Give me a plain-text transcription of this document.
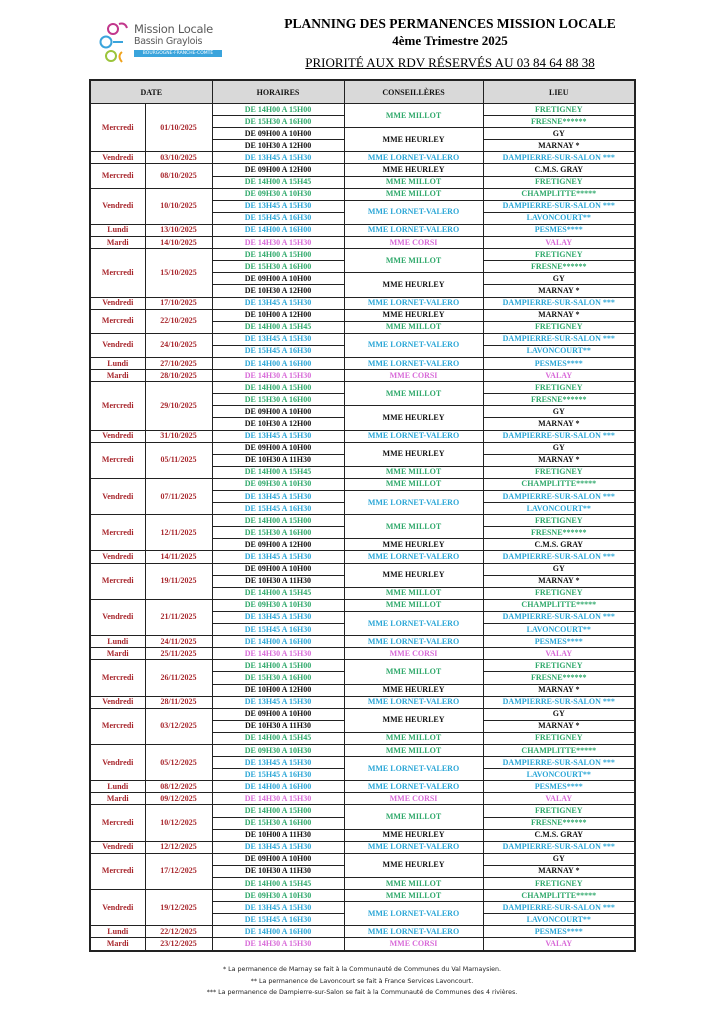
Mission Locale
Bassin Graylois
BOURGOGNE-FRANCHE-COMTÉ
PLANNING DES PERMANENCES MISSION LOCALE
4ème Trimestre 2025
PRIORITÉ AUX RDV RÉSERVÉS AU 03 84 64 88 38
DATE		HORAIRES	CONSEILLÈRES	LIEU
Mercredi	01/10/2025	DE 14H00 A 15H00	MME MILLOT	FRETIGNEY
		DE 15H30 A 16H00		FRESNE******
		DE 09H00 A 10H00	MME HEURLEY	GY
		DE 10H30 A 12H00		MARNAY *
Vendredi	03/10/2025	DE 13H45 A 15H30	MME LORNET-VALERO	DAMPIERRE-SUR-SALON ***
Mercredi	08/10/2025	DE 09H00 A 12H00	MME HEURLEY	C.M.S. GRAY
		DE 14H00 A 15H45	MME MILLOT	FRETIGNEY
Vendredi	10/10/2025	DE 09H30 A 10H30	MME MILLOT	CHAMPLITTE*****
		DE 13H45 A 15H30	MME LORNET-VALERO	DAMPIERRE-SUR-SALON ***
		DE 15H45 A 16H30		LAVONCOURT**
Lundi	13/10/2025	DE 14H00 A 16H00	MME LORNET-VALERO	PESMES****
Mardi	14/10/2025	DE 14H30 A 15H30	MME CORSI	VALAY
Mercredi	15/10/2025	DE 14H00 A 15H00	MME MILLOT	FRETIGNEY
		DE 15H30 A 16H00		FRESNE******
		DE 09H00 A 10H00	MME HEURLEY	GY
		DE 10H30 A 12H00		MARNAY *
Vendredi	17/10/2025	DE 13H45 A 15H30	MME LORNET-VALERO	DAMPIERRE-SUR-SALON ***
Mercredi	22/10/2025	DE 10H00 A 12H00	MME HEURLEY	MARNAY *
		DE 14H00 A 15H45	MME MILLOT	FRETIGNEY
Vendredi	24/10/2025	DE 13H45 A 15H30	MME LORNET-VALERO	DAMPIERRE-SUR-SALON ***
		DE 15H45 A 16H30		LAVONCOURT**
Lundi	27/10/2025	DE 14H00 A 16H00	MME LORNET-VALERO	PESMES****
Mardi	28/10/2025	DE 14H30 A 15H30	MME CORSI	VALAY
Mercredi	29/10/2025	DE 14H00 A 15H00	MME MILLOT	FRETIGNEY
		DE 15H30 A 16H00		FRESNE******
		DE 09H00 A 10H00	MME HEURLEY	GY
		DE 10H30 A 12H00		MARNAY *
Vendredi	31/10/2025	DE 13H45 A 15H30	MME LORNET-VALERO	DAMPIERRE-SUR-SALON ***
Mercredi	05/11/2025	DE 09H00 A 10H00	MME HEURLEY	GY
		DE 10H30 A 11H30		MARNAY *
		DE 14H00 A 15H45	MME MILLOT	FRETIGNEY
Vendredi	07/11/2025	DE 09H30 A 10H30	MME MILLOT	CHAMPLITTE*****
		DE 13H45 A 15H30	MME LORNET-VALERO	DAMPIERRE-SUR-SALON ***
		DE 15H45 A 16H30		LAVONCOURT**
Mercredi	12/11/2025	DE 14H00 A 15H00	MME MILLOT	FRETIGNEY
		DE 15H30 A 16H00		FRESNE******
		DE 09H00 A 12H00	MME HEURLEY	C.M.S. GRAY
Vendredi	14/11/2025	DE 13H45 A 15H30	MME LORNET-VALERO	DAMPIERRE-SUR-SALON ***
Mercredi	19/11/2025	DE 09H00 A 10H00	MME HEURLEY	GY
		DE 10H30 A 11H30		MARNAY *
		DE 14H00 A 15H45	MME MILLOT	FRETIGNEY
Vendredi	21/11/2025	DE 09H30 A 10H30	MME MILLOT	CHAMPLITTE*****
		DE 13H45 A 15H30	MME LORNET-VALERO	DAMPIERRE-SUR-SALON ***
		DE 15H45 A 16H30		LAVONCOURT**
Lundi	24/11/2025	DE 14H00 A 16H00	MME LORNET-VALERO	PESMES****
Mardi	25/11/2025	DE 14H30 A 15H30	MME CORSI	VALAY
Mercredi	26/11/2025	DE 14H00 A 15H00	MME MILLOT	FRETIGNEY
		DE 15H30 A 16H00		FRESNE******
		DE 10H00 A 12H00	MME HEURLEY	MARNAY *
Vendredi	28/11/2025	DE 13H45 A 15H30	MME LORNET-VALERO	DAMPIERRE-SUR-SALON ***
Mercredi	03/12/2025	DE 09H00 A 10H00	MME HEURLEY	GY
		DE 10H30 A 11H30		MARNAY *
		DE 14H00 A 15H45	MME MILLOT	FRETIGNEY
Vendredi	05/12/2025	DE 09H30 A 10H30	MME MILLOT	CHAMPLITTE*****
		DE 13H45 A 15H30	MME LORNET-VALERO	DAMPIERRE-SUR-SALON ***
		DE 15H45 A 16H30		LAVONCOURT**
Lundi	08/12/2025	DE 14H00 A 16H00	MME LORNET-VALERO	PESMES****
Mardi	09/12/2025	DE 14H30 A 15H30	MME CORSI	VALAY
Mercredi	10/12/2025	DE 14H00 A 15H00	MME MILLOT	FRETIGNEY
		DE 15H30 A 16H00		FRESNE******
		DE 10H00 A 11H30	MME HEURLEY	C.M.S. GRAY
Vendredi	12/12/2025	DE 13H45 A 15H30	MME LORNET-VALERO	DAMPIERRE-SUR-SALON ***
Mercredi	17/12/2025	DE 09H00 A 10H00	MME HEURLEY	GY
		DE 10H30 A 11H30		MARNAY *
		DE 14H00 A 15H45	MME MILLOT	FRETIGNEY
Vendredi	19/12/2025	DE 09H30 A 10H30	MME MILLOT	CHAMPLITTE*****
		DE 13H45 A 15H30	MME LORNET-VALERO	DAMPIERRE-SUR-SALON ***
		DE 15H45 A 16H30		LAVONCOURT**
Lundi	22/12/2025	DE 14H00 A 16H00	MME LORNET-VALERO	PESMES****
Mardi	23/12/2025	DE 14H30 A 15H30	MME CORSI	VALAY
* La permanence de Marnay se fait à la Communauté de Communes du Val Marnaysien.
** La permanence de Lavoncourt se fait à France Services Lavoncourt.
*** La permanence de Dampierre-sur-Salon se fait à la Communauté de Communes des 4 rivières.
